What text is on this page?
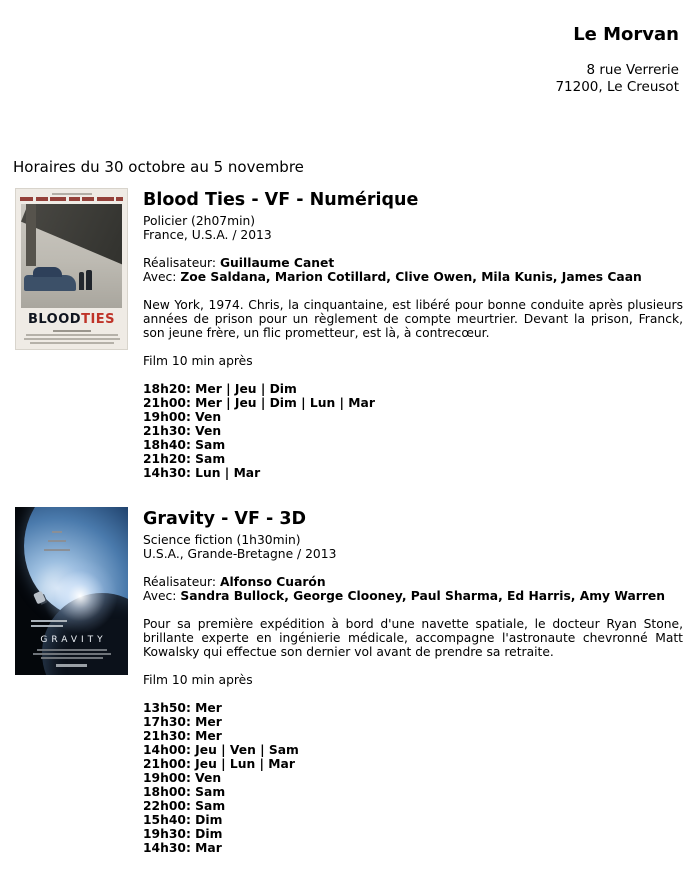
Le Morvan
8 rue Verrerie
71200, Le Creusot
Horaires du 30 octobre au 5 novembre
BLOODTIES
Blood Ties - VF - Numérique
Policier (2h07min)
France, U.S.A. / 2013
Réalisateur: Guillaume Canet
Avec: Zoe Saldana, Marion Cotillard, Clive Owen, Mila Kunis, James Caan
New York, 1974. Chris, la cinquantaine, est libéré pour bonne conduite après plusieurs années de prison pour un règlement de compte meurtrier. Devant la prison, Franck, son jeune frère, un flic prometteur, est là, à contrecœur.
Film 10 min après
18h20: Mer | Jeu | Dim
21h00: Mer | Jeu | Dim | Lun | Mar
19h00: Ven
21h30: Ven
18h40: Sam
21h20: Sam
14h30: Lun | Mar
GRAVITY
Gravity - VF - 3D
Science fiction (1h30min)
U.S.A., Grande-Bretagne / 2013
Réalisateur: Alfonso Cuarón
Avec: Sandra Bullock, George Clooney, Paul Sharma, Ed Harris, Amy Warren
Pour sa première expédition à bord d'une navette spatiale, le docteur Ryan Stone, brillante experte en ingénierie médicale, accompagne l'astronaute chevronné Matt Kowalsky qui effectue son dernier vol avant de prendre sa retraite.
Film 10 min après
13h50: Mer
17h30: Mer
21h30: Mer
14h00: Jeu | Ven | Sam
21h00: Jeu | Lun | Mar
19h00: Ven
18h00: Sam
22h00: Sam
15h40: Dim
19h30: Dim
14h30: Mar
